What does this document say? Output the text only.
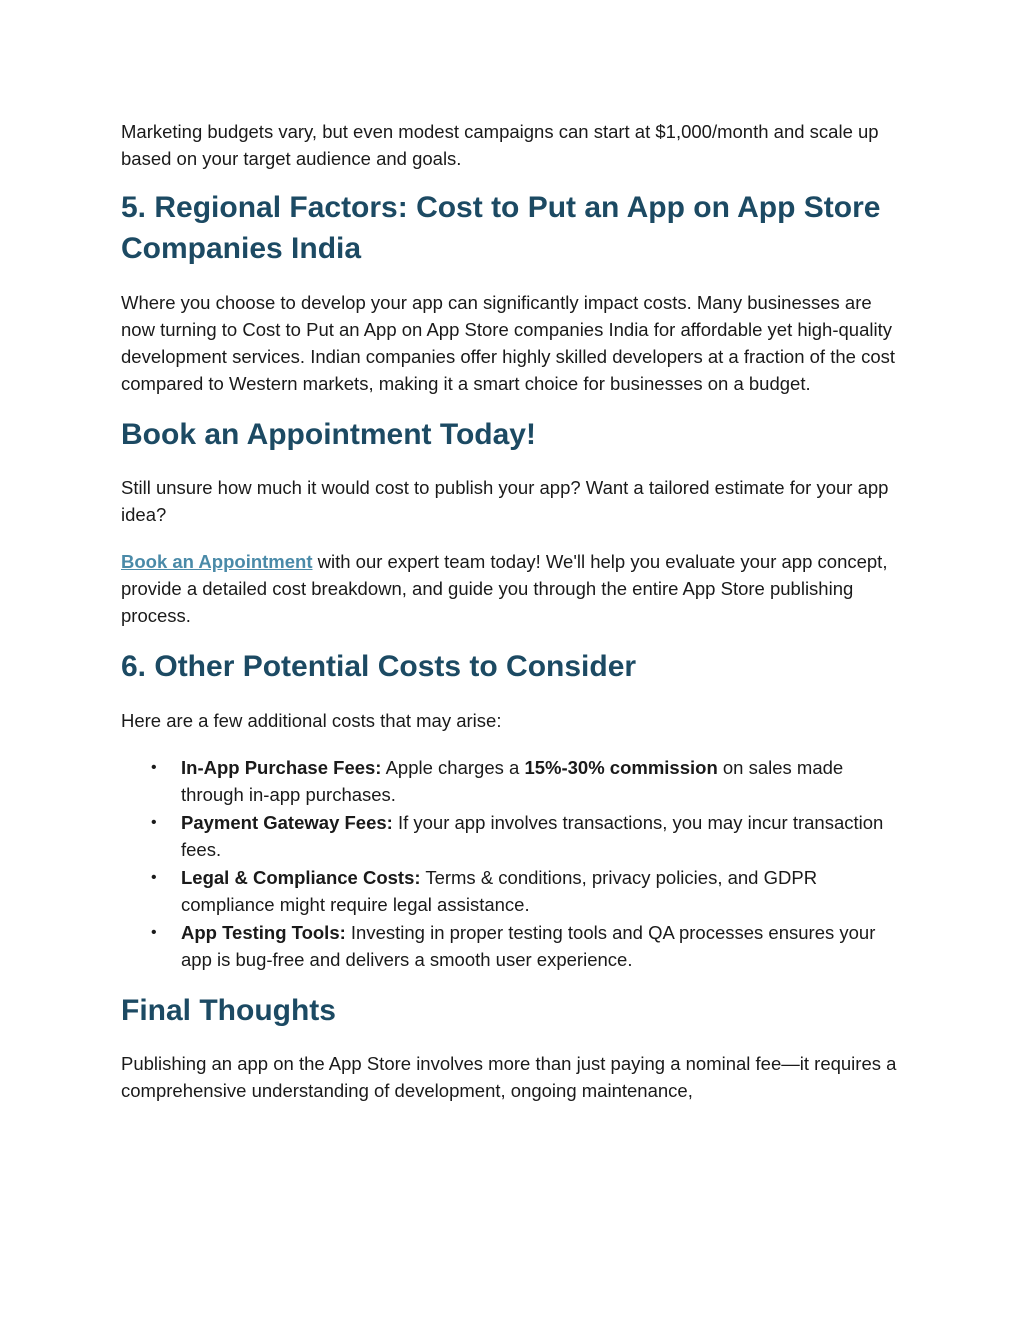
Marketing budgets vary, but even modest campaigns can start at $1,000/month and scale up based on your target audience and goals.

5. Regional Factors: Cost to Put an App on App Store Companies India

Where you choose to develop your app can significantly impact costs. Many businesses are now turning to Cost to Put an App on App Store companies India for affordable yet high-quality development services. Indian companies offer highly skilled developers at a fraction of the cost compared to Western markets, making it a smart choice for businesses on a budget.

Book an Appointment Today!

Still unsure how much it would cost to publish your app? Want a tailored estimate for your app idea?

Book an Appointment with our expert team today! We'll help you evaluate your app concept, provide a detailed cost breakdown, and guide you through the entire App Store publishing process.

6. Other Potential Costs to Consider

Here are a few additional costs that may arise:

• In-App Purchase Fees: Apple charges a 15%-30% commission on sales made through in-app purchases.
• Payment Gateway Fees: If your app involves transactions, you may incur transaction fees.
• Legal & Compliance Costs: Terms & conditions, privacy policies, and GDPR compliance might require legal assistance.
• App Testing Tools: Investing in proper testing tools and QA processes ensures your app is bug-free and delivers a smooth user experience.
Final Thoughts

Publishing an app on the App Store involves more than just paying a nominal fee—it requires a comprehensive understanding of development, ongoing maintenance,
